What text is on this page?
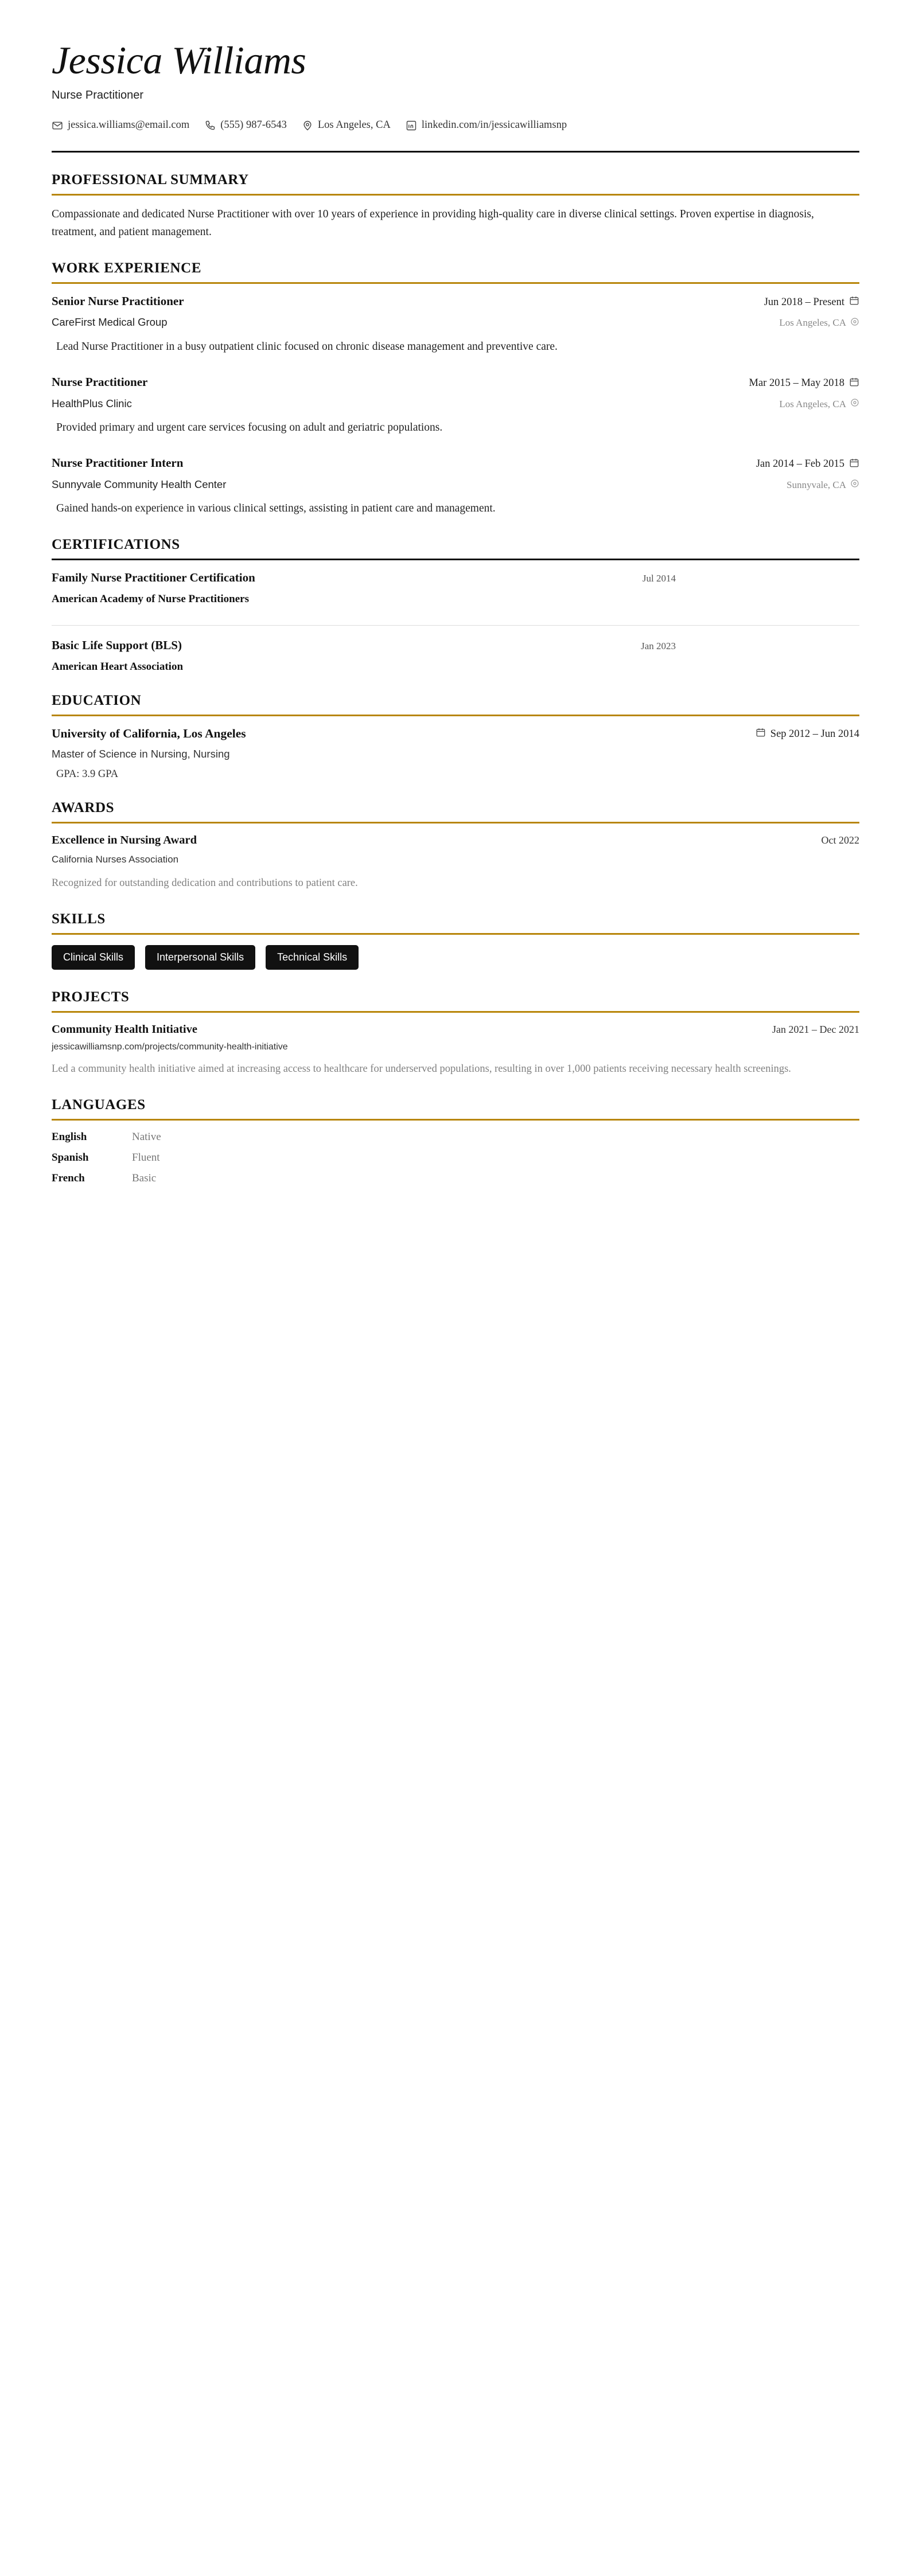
Jessica Williams
Nurse Practitioner
jessica.williams@email.com	(555) 987-6543	Los Angeles, CA	linkedin.com/in/jessicawilliamsnp
PROFESSIONAL SUMMARY

Compassionate and dedicated Nurse Practitioner with over 10 years of experience in providing high-quality care in diverse clinical settings. Proven expertise in diagnosis, treatment, and patient management.

WORK EXPERIENCE
Senior Nurse Practitioner	Jun 2018 – Present
CareFirst Medical Group	Los Angeles, CA

Lead Nurse Practitioner in a busy outpatient clinic focused on chronic disease management and preventive care.

Nurse Practitioner	Mar 2015 – May 2018
HealthPlus Clinic	Los Angeles, CA

Provided primary and urgent care services focusing on adult and geriatric populations.

Nurse Practitioner Intern	Jan 2014 – Feb 2015
Sunnyvale Community Health Center	Sunnyvale, CA

Gained hands-on experience in various clinical settings, assisting in patient care and management.

CERTIFICATIONS
Family Nurse Practitioner Certification	Jul 2014
American Academy of Nurse Practitioners
Basic Life Support (BLS)	Jan 2023
American Heart Association
EDUCATION
University of California, Los Angeles	Sep 2012 – Jun 2014
Master of Science in Nursing, Nursing
GPA: 3.9 GPA
AWARDS
Excellence in Nursing Award	Oct 2022
California Nurses Association
Recognized for outstanding dedication and contributions to patient care.
SKILLS
Clinical Skills	Interpersonal Skills	Technical Skills
PROJECTS
Community Health Initiative	Jan 2021 – Dec 2021
jessicawilliamsnp.com/projects/community-health-initiative
Led a community health initiative aimed at increasing access to healthcare for underserved populations, resulting in over 1,000 patients receiving necessary health screenings.
LANGUAGES
English	Native
Spanish	Fluent
French	Basic
